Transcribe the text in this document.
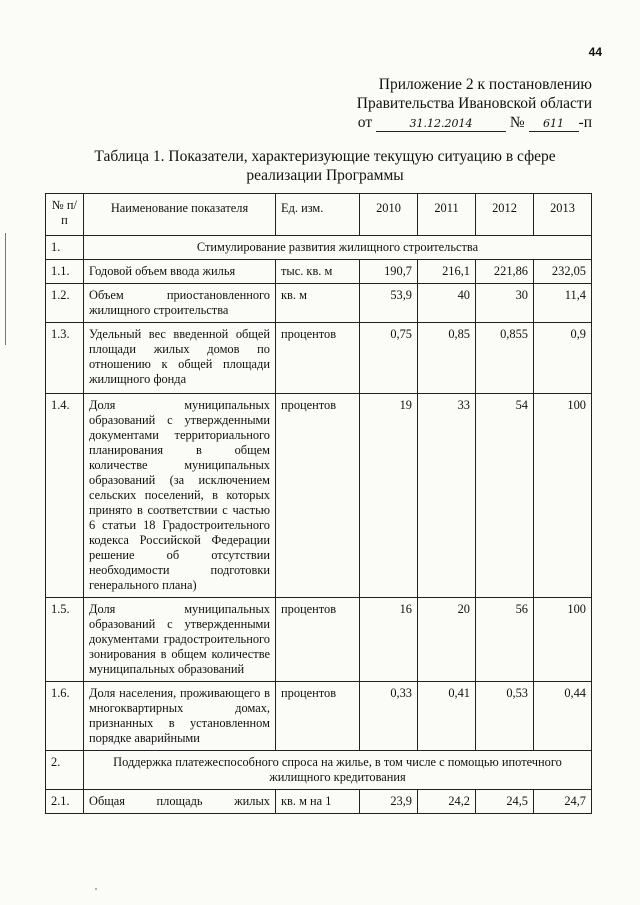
44
Приложение 2 к постановлению
Правительства Ивановской области
от	31.12.2014 № 611 -п
Таблица 1. Показатели, характеризующие текущую ситуацию в сфере реализации Программы
№ п/п	Наименование показателя	Ед. изм.	2010	2011	2012	2013
1.	Стимулирование развития жилищного строительства					
1.1.	Годовой объем ввода жилья	тыс. кв. м	190,7	216,1	221,86	232,05
1.2.	Объем приостановленного жилищного строительства	кв. м	53,9	40	30	11,4
1.3.	Удельный вес введенной общей площади жилых домов по отношению к общей площади жилищного фонда	процентов	0,75	0,85	0,855	0,9
1.4.	Доля муниципальных образований с утвержденными документами территориального планирования в общем количестве муниципальных образований (за исключением сельских поселений, в которых принято в соответствии с частью 6 статьи 18 Градостроительного кодекса Российской Федерации решение об отсутствии необходимости подготовки генерального плана)	процентов	19	33	54	100
1.5.	Доля муниципальных образований с утвержденными документами градостроительного зонирования в общем количестве муниципальных образований	процентов	16	20	56	100
1.6.	Доля населения, проживающего в многоквартирных домах, признанных в установленном порядке аварийными	процентов	0,33	0,41	0,53	0,44
2.	Поддержка платежеспособного спроса на жилье, в том числе с помощью ипотечного жилищного кредитования					
2.1.	Общая площадь жилых	кв. м на 1	23,9	24,2	24,5	24,7
